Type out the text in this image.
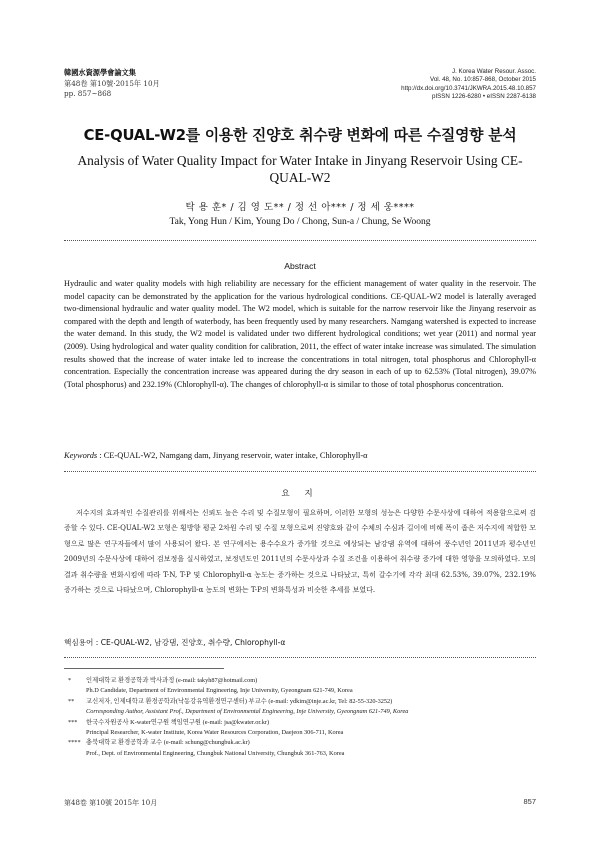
韓國水資源學會論文集
第48卷 第10號·2015年 10月
pp. 857~868
J. Korea Water Resour. Assoc.
Vol. 48, No. 10:857-868, October 2015
http://dx.doi.org/10.3741/JKWRA.2015.48.10.857
pISSN 1226-6280 • eISSN 2287-6138
CE-QUAL-W2를 이용한 진양호 취수량 변화에 따른 수질영향 분석
Analysis of Water Quality Impact for Water Intake in Jinyang Reservoir Using CE-QUAL-W2
탁 용 훈* / 김 영 도** / 정 선 아*** / 정 세 웅****
Tak, Yong Hun / Kim, Young Do / Chong, Sun-a / Chung, Se Woong
Abstract

Hydraulic and water quality models with high reliability are necessary for the efficient management of water quality in the reservoir. The model capacity can be demonstrated by the application for the various hydrological conditions. CE-QUAL-W2 model is laterally averaged two-dimensional hydraulic and water quality model. The W2 model, which is suitable for the narrow reservoir like the Jinyang reservoir as compared with the depth and length of waterbody, has been frequently used by many researchers. Namgang watershed is expected to increase the water demand. In this study, the W2 model is validated under two different hydrological conditions; wet year (2011) and normal year (2009). Using hydrological and water quality condition for calibration, 2011, the effect of water intake increase was simulated. The simulation results showed that the increase of water intake led to increase the concentrations in total nitrogen, total phosphorus and Chlorophyll-α concentration. Especially the concentration increase was appeared during the dry season in each of up to 62.53% (Total nitrogen), 39.07% (Total phosphorus) and 232.19% (Chlorophyll-α). The changes of chlorophyll-α is similar to those of total phosphorus concentration.

Keywords : CE-QUAL-W2, Namgang dam, Jinyang reservoir, water intake, Chlorophyll-α
요 지

저수지의 효과적인 수질관리를 위해서는 신뢰도 높은 수리 및 수질모형이 필요하며, 이러한 모형의 성능은 다양한 수문사상에 대하여 적용함으로써 검증할 수 있다. CE-QUAL-W2 모형은 횡방향 평균 2차원 수리 및 수질 모형으로써 진양호와 같이 수체의 수심과 길이에 비해 폭이 좁은 저수지에 적합한 모형으로 많은 연구자들에서 많이 사용되어 왔다. 본 연구에서는 용수수요가 증가할 것으로 예상되는 남강댐 유역에 대하여 풍수년인 2011년과 평수년인 2009년의 수문사상에 대하여 검보정을 실시하였고, 보정년도인 2011년의 수문사상과 수질 조건을 이용하여 취수량 증가에 대한 영향을 모의하였다. 모의 결과 취수량을 변화시킴에 따라 T-N, T-P 및 Chlorophyll-α 농도는 증가하는 것으로 나타났고, 특히 갈수기에 각각 최대 62.53%, 39.07%, 232.19% 증가하는 것으로 나타났으며, Chlorophyll-α 농도의 변화는 T-P의 변화특성과 비슷한 추세를 보였다.

핵심용어 : CE-QUAL-W2, 남강댐, 진양호, 취수량, Chlorophyll-α
* 인제대학교 환경공학과 박사과정 (e-mail: takyh87@hotmail.com)
Ph.D Candidate, Department of Environmental Engineering, Inje University, Gyeongnam 621-749, Korea
** 교신저자, 인제대학교 환경공학과(낙동강유역환경연구센터) 부교수 (e-mail: ydkim@inje.ac.kr, Tel: 82-55-320-3252)
Corresponding Author, Assistant Prof., Department of Environmental Engineering, Inje University, Gyeongnam 621-749, Korea
*** 한국수자원공사 K-water연구원 책임연구원 (e-mail: jsa@kwater.or.kr)
Principal Researcher, K-water Institute, Korea Water Resources Corporation, Daejeon 306-711, Korea
**** 충북대학교 환경공학과 교수 (e-mail: schung@chungbuk.ac.kr)
Prof., Dept. of Environmental Engineering, Chungbuk National University, Chungbuk 361-763, Korea
第48卷 第10號 2015年 10月	857
